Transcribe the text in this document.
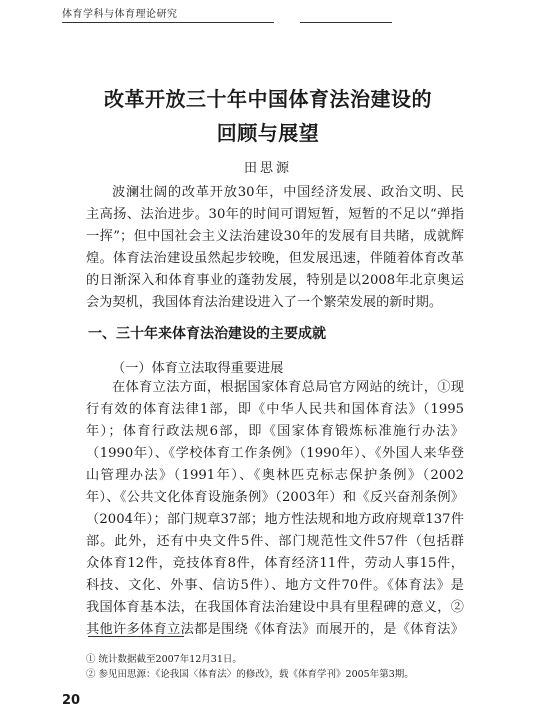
体育学科与体育理论研究
改革开放三十年中国体育法治建设的
回顾与展望
田思源
波澜壮阔的改革开放30年，中国经济发展、政治文明、民
主高扬、法治进步。30年的时间可谓短暂，短暂的不足以“弹指
一挥”；但中国社会主义法治建设30年的发展有目共睹，成就辉
煌。体育法治建设虽然起步较晚，但发展迅速，伴随着体育改革
的日渐深入和体育事业的蓬勃发展，特别是以2008年北京奥运
会为契机，我国体育法治建设进入了一个繁荣发展的新时期。
一、三十年来体育法治建设的主要成就
（一）体育立法取得重要进展
在体育立法方面，根据国家体育总局官方网站的统计，①现
行有效的体育法律1部，即《中华人民共和国体育法》（1995
年）；体育行政法规6部，即《国家体育锻炼标准施行办法》
（1990年）、《学校体育工作条例》（1990年）、《外国人来华登
山管理办法》（1991年）、《奥林匹克标志保护条例》（2002
年）、《公共文化体育设施条例》（2003年）和《反兴奋剂条例》
（2004年）；部门规章37部；地方性法规和地方政府规章137件
部。此外，还有中央文件5件、部门规范性文件57件（包括群
众体育12件，竞技体育8件，体育经济11件，劳动人事15件，
科技、文化、外事、信访5件）、地方文件70件。《体育法》是
我国体育基本法，在我国体育法治建设中具有里程碑的意义，②
其他许多体育立法都是围绕《体育法》而展开的，是《体育法》
① 统计数据截至2007年12月31日。
② 参见田思源：《论我国〈体育法〉的修改》，载《体育学刊》2005年第3期。
20
